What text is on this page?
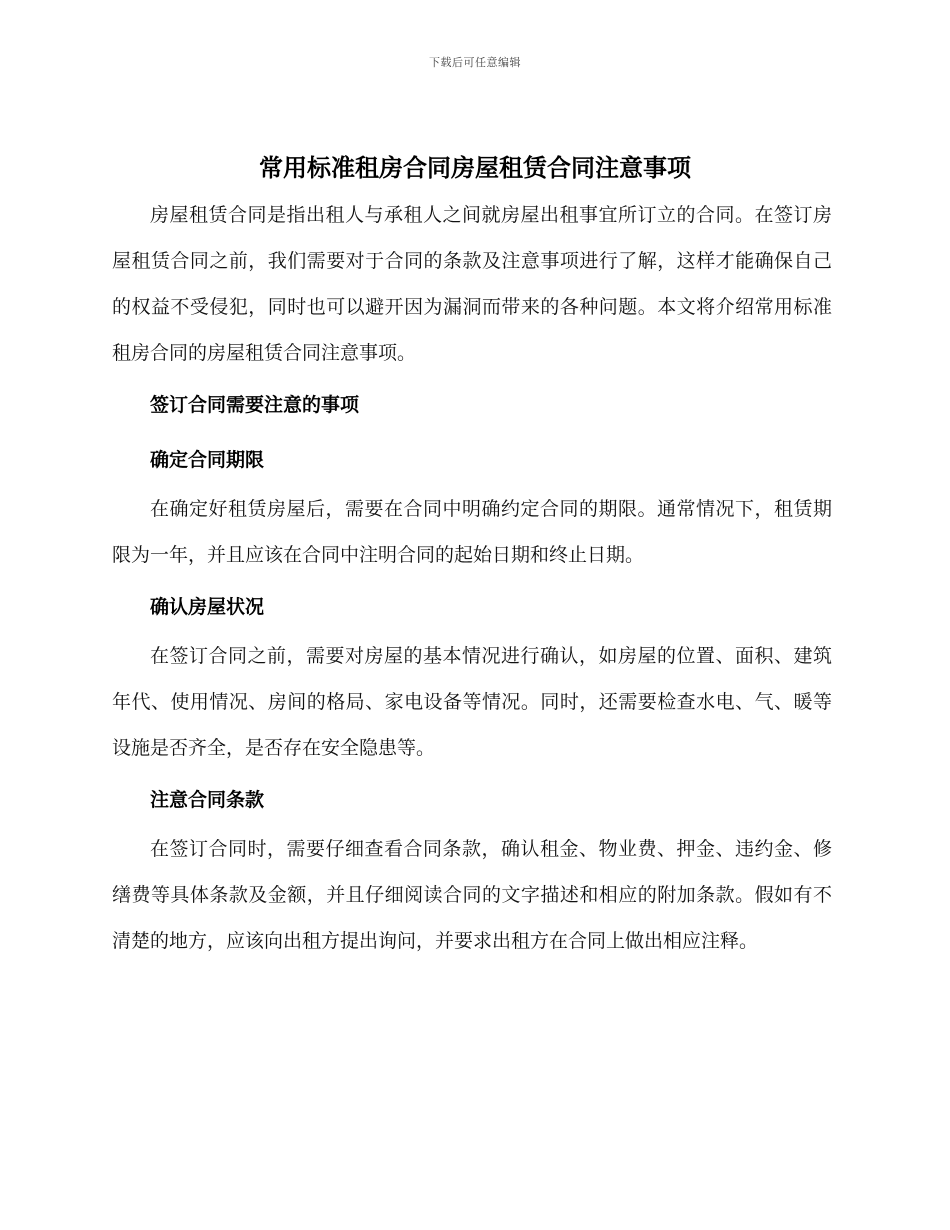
下载后可任意编辑
常用标准租房合同房屋租赁合同注意事项

房屋租赁合同是指出租人与承租人之间就房屋出租事宜所订立的合同。在签订房屋租赁合同之前，我们需要对于合同的条款及注意事项进行了解，这样才能确保自己的权益不受侵犯，同时也可以避开因为漏洞而带来的各种问题。本文将介绍常用标准租房合同的房屋租赁合同注意事项。

签订合同需要注意的事项

确定合同期限

在确定好租赁房屋后，需要在合同中明确约定合同的期限。通常情况下，租赁期限为一年，并且应该在合同中注明合同的起始日期和终止日期。

确认房屋状况

在签订合同之前，需要对房屋的基本情况进行确认，如房屋的位置、面积、建筑年代、使用情况、房间的格局、家电设备等情况。同时，还需要检查水电、气、暖等设施是否齐全，是否存在安全隐患等。

注意合同条款

在签订合同时，需要仔细查看合同条款，确认租金、物业费、押金、违约金、修缮费等具体条款及金额，并且仔细阅读合同的文字描述和相应的附加条款。假如有不清楚的地方，应该向出租方提出询问，并要求出租方在合同上做出相应注释。
